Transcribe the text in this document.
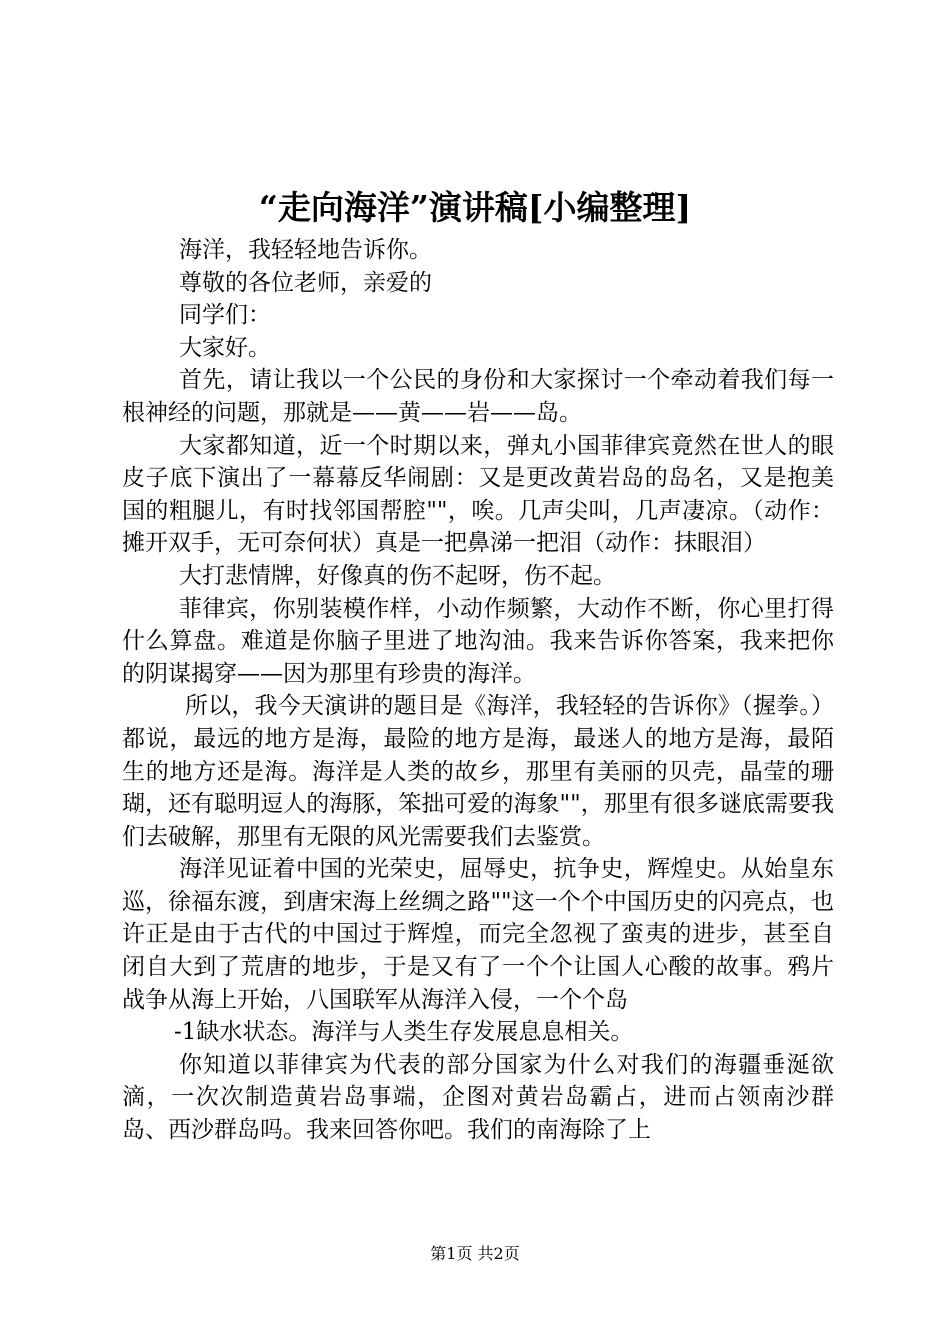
“走向海洋”演讲稿[小编整理]

海洋，我轻轻地告诉你。

尊敬的各位老师，亲爱的

同学们：

大家好。

首先，请让我以一个公民的身份和大家探讨一个牵动着我们每一根神经的问题，那就是——黄——岩——岛。

大家都知道，近一个时期以来，弹丸小国菲律宾竟然在世人的眼皮子底下演出了一幕幕反华闹剧：又是更改黄岩岛的岛名，又是抱美国的粗腿儿，有时找邻国帮腔""，唉。几声尖叫，几声凄凉。（动作：摊开双手，无可奈何状）真是一把鼻涕一把泪（动作：抹眼泪）

大打悲情牌，好像真的伤不起呀，伤不起。

菲律宾，你别装模作样，小动作频繁，大动作不断，你心里打得什么算盘。难道是你脑子里进了地沟油。我来告诉你答案，我来把你的阴谋揭穿——因为那里有珍贵的海洋。

所以，我今天演讲的题目是《海洋，我轻轻的告诉你》（握拳。）都说，最远的地方是海，最险的地方是海，最迷人的地方是海，最陌生的地方还是海。海洋是人类的故乡，那里有美丽的贝壳，晶莹的珊瑚，还有聪明逗人的海豚，笨拙可爱的海象""，那里有很多谜底需要我们去破解，那里有无限的风光需要我们去鉴赏。

海洋见证着中国的光荣史，屈辱史，抗争史，辉煌史。从始皇东巡，徐福东渡，到唐宋海上丝绸之路""这一个个中国历史的闪亮点，也许正是由于古代的中国过于辉煌，而完全忽视了蛮夷的进步，甚至自闭自大到了荒唐的地步，于是又有了一个个让国人心酸的故事。鸦片战争从海上开始，八国联军从海洋入侵，一个个岛

-1缺水状态。海洋与人类生存发展息息相关。

你知道以菲律宾为代表的部分国家为什么对我们的海疆垂涎欲滴，一次次制造黄岩岛事端，企图对黄岩岛霸占，进而占领南沙群岛、西沙群岛吗。我来回答你吧。我们的南海除了上

第1页 共2页
